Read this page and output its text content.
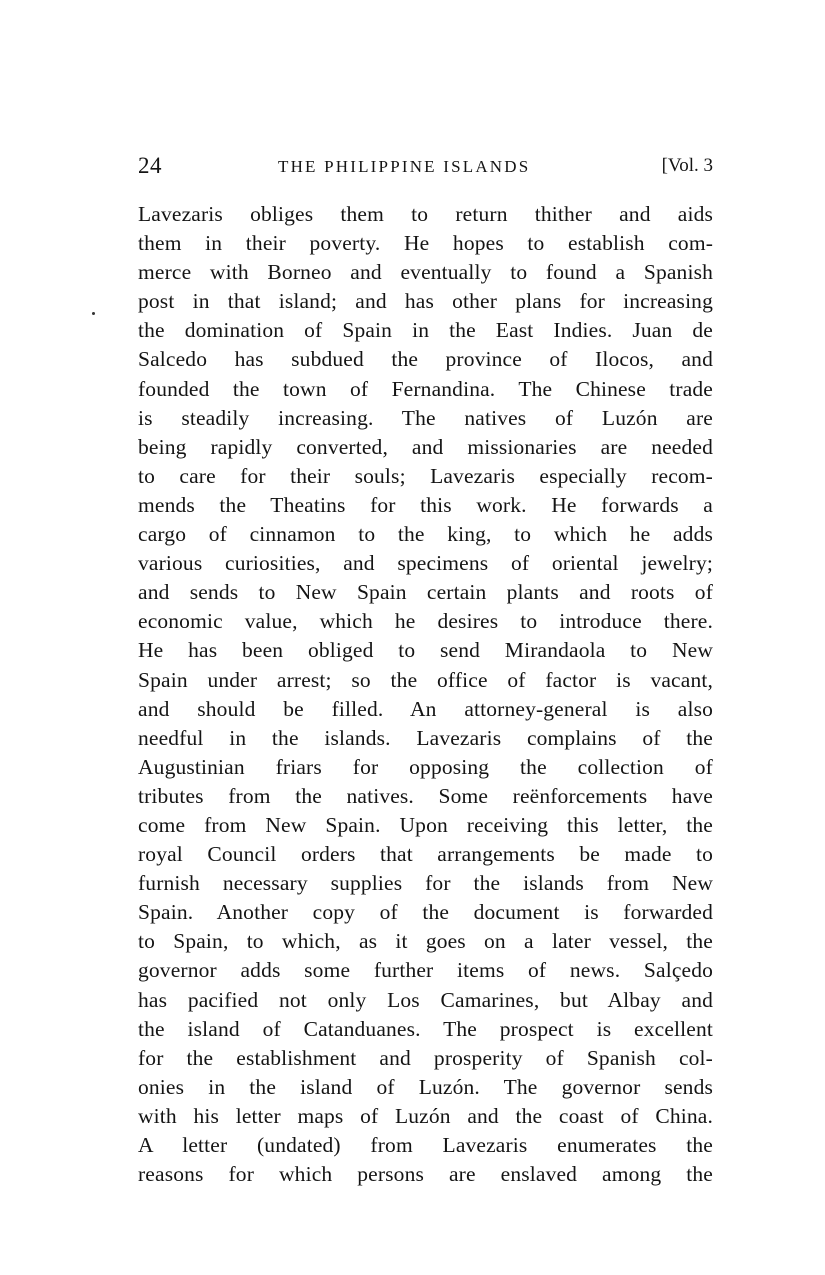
24	THE PHILIPPINE ISLANDS	[Vol. 3
Lavezaris obliges them to return thither and aids
them in their poverty. He hopes to establish com-
merce with Borneo and eventually to found a Spanish
post in that island; and has other plans for increasing
the domination of Spain in the East Indies. Juan de
Salcedo has subdued the province of Ilocos, and
founded the town of Fernandina. The Chinese trade
is steadily increasing. The natives of Luzón are
being rapidly converted, and missionaries are needed
to care for their souls; Lavezaris especially recom-
mends the Theatins for this work. He forwards a
cargo of cinnamon to the king, to which he adds
various curiosities, and specimens of oriental jewelry;
and sends to New Spain certain plants and roots of
economic value, which he desires to introduce there.
He has been obliged to send Mirandaola to New
Spain under arrest; so the office of factor is vacant,
and should be filled. An attorney-general is also
needful in the islands. Lavezaris complains of the
Augustinian friars for opposing the collection of
tributes from the natives. Some reënforcements have
come from New Spain. Upon receiving this letter, the
royal Council orders that arrangements be made to
furnish necessary supplies for the islands from New
Spain. Another copy of the document is forwarded
to Spain, to which, as it goes on a later vessel, the
governor adds some further items of news. Salçedo
has pacified not only Los Camarines, but Albay and
the island of Catanduanes. The prospect is excellent
for the establishment and prosperity of Spanish col-
onies in the island of Luzón. The governor sends
with his letter maps of Luzón and the coast of China.
A letter (undated) from Lavezaris enumerates the
reasons for which persons are enslaved among the
